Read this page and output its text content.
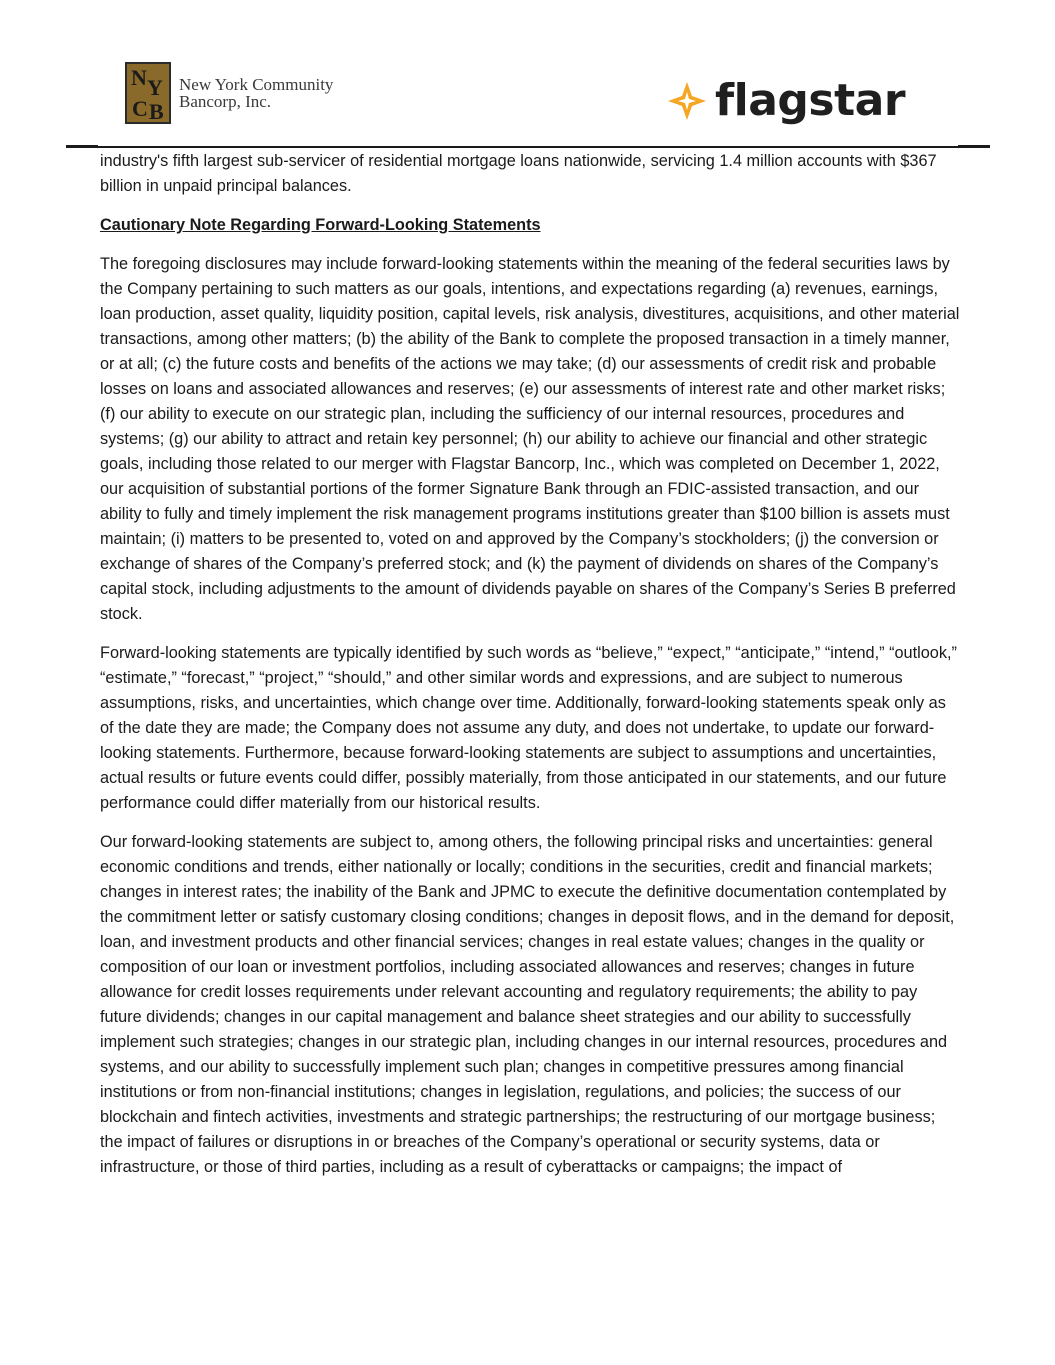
N Y
C B
New York Community
Bancorp, Inc.	flagstar

industry's fifth largest sub-servicer of residential mortgage loans nationwide, servicing 1.4 million accounts with $367 billion in unpaid principal balances.

Cautionary Note Regarding Forward-Looking Statements

The foregoing disclosures may include forward-looking statements within the meaning of the federal securities laws by the Company pertaining to such matters as our goals, intentions, and expectations regarding (a) revenues, earnings, loan production, asset quality, liquidity position, capital levels, risk analysis, divestitures, acquisitions, and other material transactions, among other matters; (b) the ability of the Bank to complete the proposed transaction in a timely manner, or at all; (c) the future costs and benefits of the actions we may take; (d) our assessments of credit risk and probable losses on loans and associated allowances and reserves; (e) our assessments of interest rate and other market risks; (f) our ability to execute on our strategic plan, including the sufficiency of our internal resources, procedures and systems; (g) our ability to attract and retain key personnel; (h) our ability to achieve our financial and other strategic goals, including those related to our merger with Flagstar Bancorp, Inc., which was completed on December 1, 2022, our acquisition of substantial portions of the former Signature Bank through an FDIC-assisted transaction, and our ability to fully and timely implement the risk management programs institutions greater than $100 billion is assets must maintain; (i) matters to be presented to, voted on and approved by the Company’s stockholders; (j) the conversion or exchange of shares of the Company’s preferred stock; and (k) the payment of dividends on shares of the Company’s capital stock, including adjustments to the amount of dividends payable on shares of the Company’s Series B preferred stock.

Forward-looking statements are typically identified by such words as “believe,” “expect,” “anticipate,” “intend,” “outlook,” “estimate,” “forecast,” “project,” “should,” and other similar words and expressions, and are subject to numerous assumptions, risks, and uncertainties, which change over time. Additionally, forward-looking statements speak only as of the date they are made; the Company does not assume any duty, and does not undertake, to update our forward-looking statements. Furthermore, because forward-looking statements are subject to assumptions and uncertainties, actual results or future events could differ, possibly materially, from those anticipated in our statements, and our future performance could differ materially from our historical results.

Our forward-looking statements are subject to, among others, the following principal risks and uncertainties: general economic conditions and trends, either nationally or locally; conditions in the securities, credit and financial markets; changes in interest rates; the inability of the Bank and JPMC to execute the definitive documentation contemplated by the commitment letter or satisfy customary closing conditions; changes in deposit flows, and in the demand for deposit, loan, and investment products and other financial services; changes in real estate values; changes in the quality or composition of our loan or investment portfolios, including associated allowances and reserves; changes in future allowance for credit losses requirements under relevant accounting and regulatory requirements; the ability to pay future dividends; changes in our capital management and balance sheet strategies and our ability to successfully implement such strategies; changes in our strategic plan, including changes in our internal resources, procedures and systems, and our ability to successfully implement such plan; changes in competitive pressures among financial institutions or from non-financial institutions; changes in legislation, regulations, and policies; the success of our blockchain and fintech activities, investments and strategic partnerships; the restructuring of our mortgage business; the impact of failures or disruptions in or breaches of the Company’s operational or security systems, data or infrastructure, or those of third parties, including as a result of cyberattacks or campaigns; the impact of
